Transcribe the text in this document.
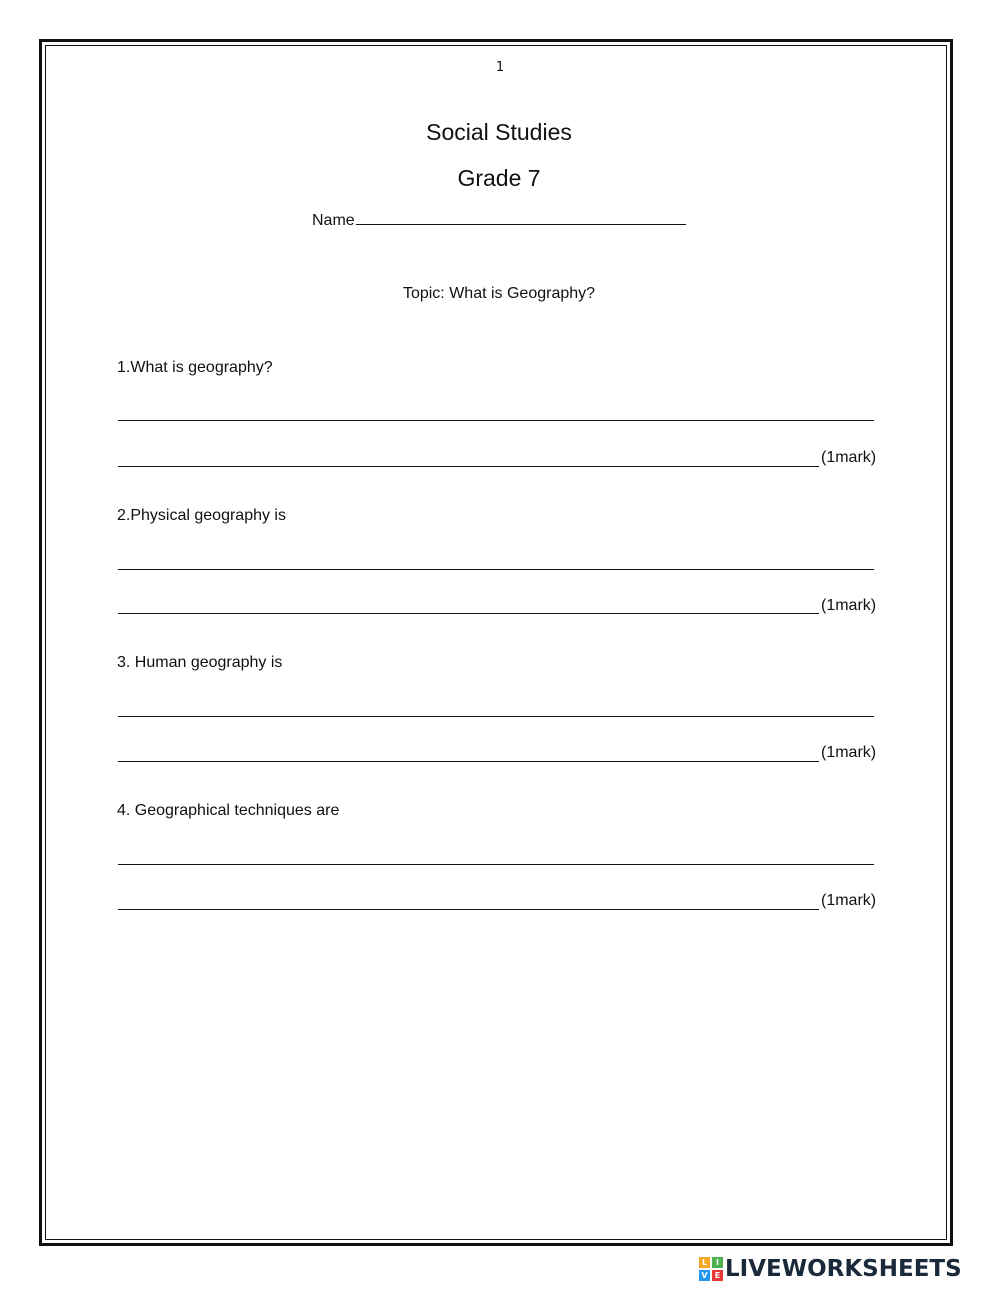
1
Social Studies
Grade 7
Name
Topic: What is Geography?
1.What is geography?
(1mark)
2.Physical geography is
(1mark)
3. Human geography is
(1mark)
4. Geographical techniques are
(1mark)
L	I
V E LIVEWORKSHEETS
